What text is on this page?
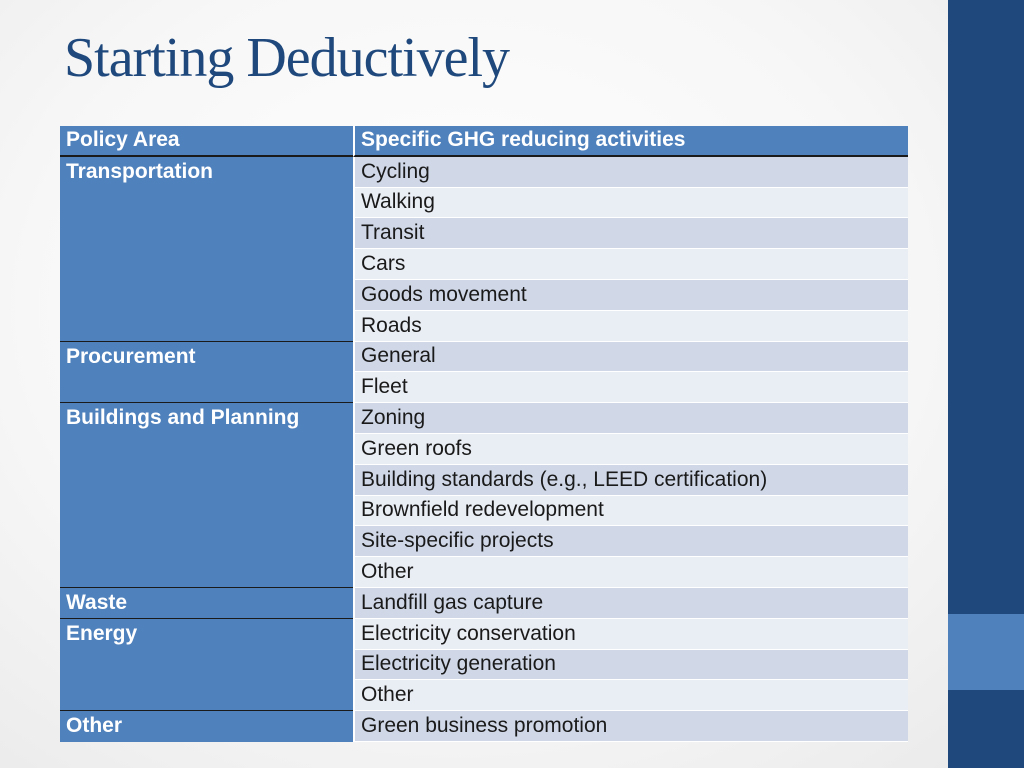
Starting Deductively
Policy Area	Specific GHG reducing activities
Transportation	Cycling
Walking
Transit
Cars
Goods movement
Roads
Procurement	General
Fleet
Buildings and Planning	Zoning
Green roofs
Building standards (e.g., LEED certification)
Brownfield redevelopment
Site-specific projects
Other
Waste	Landfill gas capture
Energy	Electricity conservation
Electricity generation
Other
Other	Green business promotion
